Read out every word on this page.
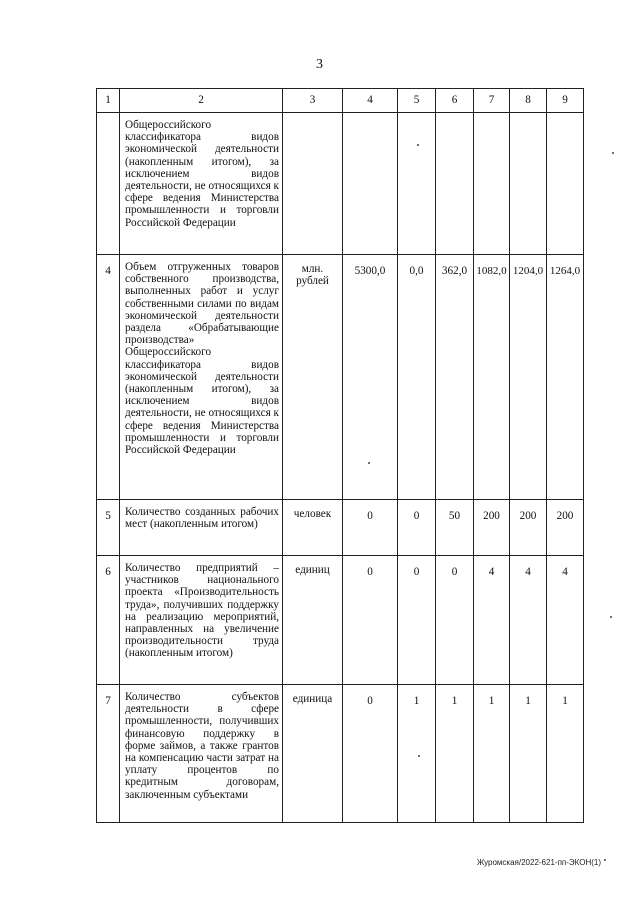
3
1	2	3	4	5	6	7	8	9
	Общероссийского классификатора видов экономической деятельности (накопленным итогом), за исключением видов деятельности, не относящихся к сфере ведения Министерства промышленности и торговли Российской Федерации							
4	Объем отгруженных товаров собственного производства, выполненных работ и услуг собственными силами по видам экономической деятельности раздела «Обрабатывающие производства» Общероссийского классификатора видов экономической деятельности (накопленным итогом), за исключением видов деятельности, не относящихся к сфере ведения Министерства промышленности и торговли Российской Федерации	млн. рублей	5300,0	0,0	362,0	1082,0	1204,0	1264,0
5	Количество созданных рабочих мест (накопленным итогом)	человек	0	0	50	200	200	200
6	Количество предприятий – участников национального проекта «Производительность труда», получивших поддержку на реализацию мероприятий, направленных на увеличение производительности труда (накопленным итогом)	единиц	0	0	0	4	4	4
7	Количество субъектов деятельности в сфере промышленности, получивших финансовую поддержку в форме займов, а также грантов на компенсацию части затрат на уплату процентов по кредитным договорам, заключенным субъектами	единица	0	1	1	1	1	1
Журомская/2022-621-пп-ЭКОН(1)
